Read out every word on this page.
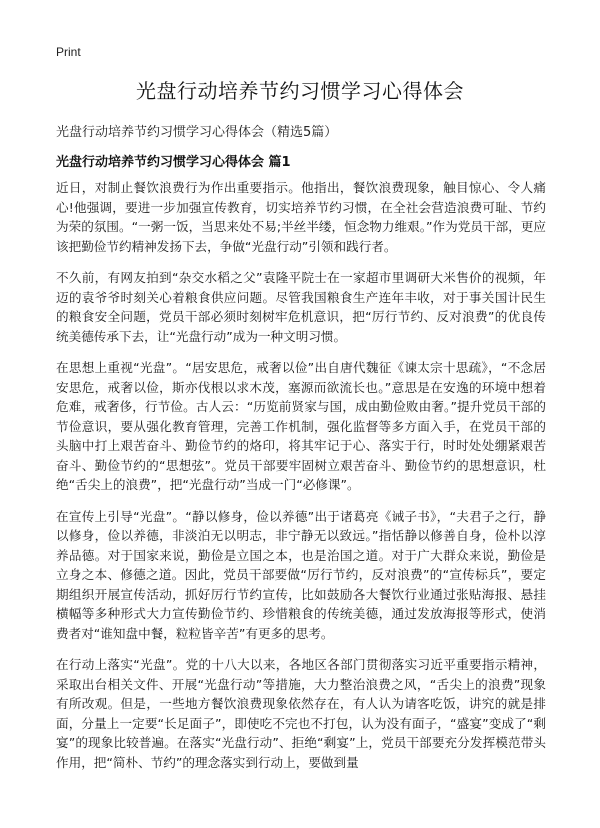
Print
光盘行动培养节约习惯学习心得体会
光盘行动培养节约习惯学习心得体会（精选5篇）
光盘行动培养节约习惯学习心得体会 篇1

近日，对制止餐饮浪费行为作出重要指示。他指出，餐饮浪费现象，触目惊心、令人痛心!他强调，要进一步加强宣传教育，切实培养节约习惯，在全社会营造浪费可耻、节约为荣的氛围。“一粥一饭，当思来处不易;半丝半缕，恒念物力维艰。”作为党员干部，更应该把勤俭节约精神发扬下去，争做“光盘行动”引领和践行者。

不久前，有网友拍到“杂交水稻之父”袁隆平院士在一家超市里调研大米售价的视频，年迈的袁爷爷时刻关心着粮食供应问题。尽管我国粮食生产连年丰收，对于事关国计民生的粮食安全问题，党员干部必须时刻树牢危机意识，把“厉行节约、反对浪费”的优良传统美德传承下去，让“光盘行动”成为一种文明习惯。

在思想上重视“光盘”。“居安思危，戒奢以俭”出自唐代魏征《谏太宗十思疏》，“不念居安思危，戒奢以俭，斯亦伐根以求木茂，塞源而欲流长也。”意思是在安逸的环境中想着危难，戒奢侈，行节俭。古人云：“历览前贤家与国，成由勤俭败由奢。”提升党员干部的节俭意识，要从强化教育管理，完善工作机制，强化监督等多方面入手，在党员干部的头脑中打上艰苦奋斗、勤俭节约的烙印，将其牢记于心、落实于行，时时处处绷紧艰苦奋斗、勤俭节约的“思想弦”。党员干部要牢固树立艰苦奋斗、勤俭节约的思想意识，杜绝“舌尖上的浪费”，把“光盘行动”当成一门“必修课”。

在宣传上引导“光盘”。“静以修身，俭以养德”出于诸葛亮《诫子书》，“夫君子之行，静以修身，俭以养德，非淡泊无以明志，非宁静无以致远。”指恬静以修善自身，俭朴以淳养品德。对于国家来说，勤俭是立国之本，也是治国之道。对于广大群众来说，勤俭是立身之本、修德之道。因此，党员干部要做“厉行节约，反对浪费”的“宣传标兵”，要定期组织开展宣传活动，抓好厉行节约宣传，比如鼓励各大餐饮行业通过张贴海报、悬挂横幅等多种形式大力宣传勤俭节约、珍惜粮食的传统美德，通过发放海报等形式，使消费者对“谁知盘中餐，粒粒皆辛苦”有更多的思考。

在行动上落实“光盘”。党的十八大以来，各地区各部门贯彻落实习近平重要指示精神，采取出台相关文件、开展“光盘行动”等措施，大力整治浪费之风，“舌尖上的浪费”现象有所改观。但是，一些地方餐饮浪费现象依然存在，有人认为请客吃饭，讲究的就是排面，分量上一定要“长足面子”，即使吃不完也不打包，认为没有面子，“盛宴”变成了“剩宴”的现象比较普遍。在落实“光盘行动”、拒绝“剩宴”上，党员干部要充分发挥模范带头作用，把“简朴、节约”的理念落实到行动上，要做到量
